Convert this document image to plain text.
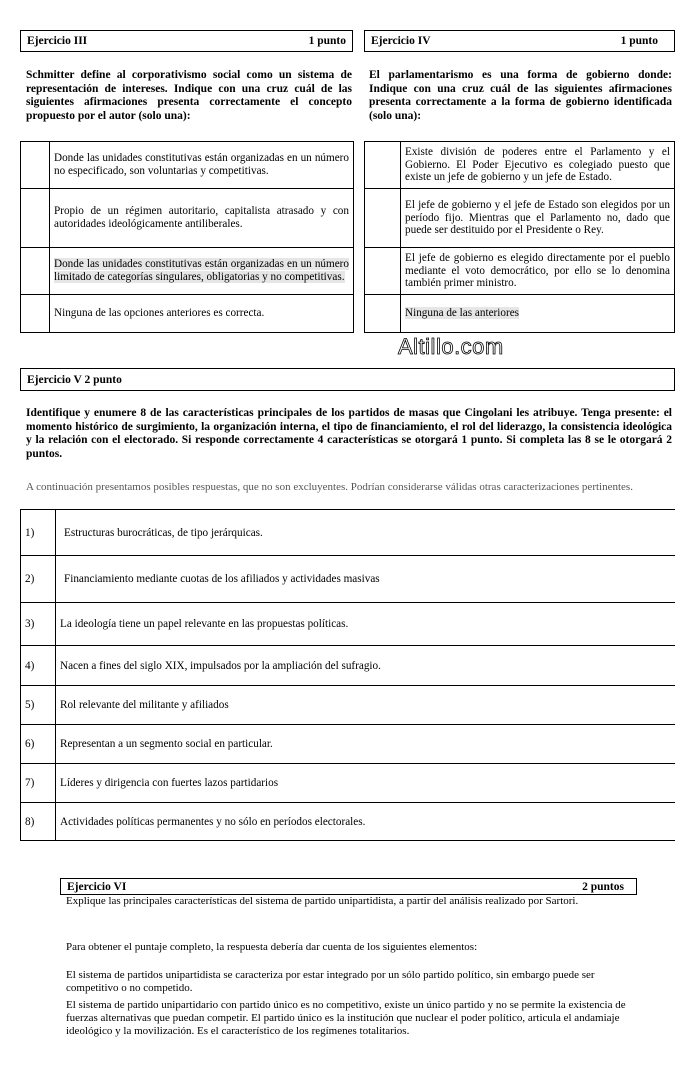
Ejercicio III	1 punto
Schmitter define al corporativismo social como un sistema de representación de intereses. Indique con una cruz cuál de las siguientes afirmaciones presenta correctamente el concepto propuesto por el autor (solo una):
	Donde las unidades constitutivas están organizadas en un número no especificado, son voluntarias y competitivas.
	Propio de un régimen autoritario, capitalista atrasado y con autoridades ideológicamente antiliberales.
	Donde las unidades constitutivas están organizadas en un número limitado de categorías singulares, obligatorias y no competitivas.
	Ninguna de las opciones anteriores es correcta.
Ejercicio IV	1 punto
El parlamentarismo es una forma de gobierno donde: Indique con una cruz cuál de las siguientes afirmaciones presenta correctamente a la forma de gobierno identificada (solo una):
	Existe división de poderes entre el Parlamento y el Gobierno. El Poder Ejecutivo es colegiado puesto que existe un jefe de gobierno y un jefe de Estado.
	El jefe de gobierno y el jefe de Estado son elegidos por un período fijo. Mientras que el Parlamento no, dado que puede ser destituido por el Presidente o Rey.
	El jefe de gobierno es elegido directamente por el pueblo mediante el voto democrático, por ello se lo denomina también primer ministro.
	Ninguna de las anteriores
Altillo.com
Ejercicio V 2 punto
Identifique y enumere 8 de las características principales de los partidos de masas que Cingolani les atribuye. Tenga presente: el momento histórico de surgimiento, la organización interna, el tipo de financiamiento, el rol del liderazgo, la consistencia ideológica y la relación con el electorado. Si responde correctamente 4 características se otorgará 1 punto. Si completa las 8 se le otorgará 2 puntos.
A continuación presentamos posibles respuestas, que no son excluyentes. Podrían considerarse válidas otras caracterizaciones pertinentes.
1)	Estructuras burocráticas, de tipo jerárquicas.
2)	Financiamiento mediante cuotas de los afiliados y actividades masivas
3)	La ideología tiene un papel relevante en las propuestas políticas.
4)	Nacen a fines del siglo XIX, impulsados por la ampliación del sufragio.
5)	Rol relevante del militante y afiliados
6)	Representan a un segmento social en particular.
7)	Líderes y dirigencia con fuertes lazos partidarios
8)	Actividades políticas permanentes y no sólo en períodos electorales.
Ejercicio VI	2 puntos
Explique las principales características del sistema de partido unipartidista, a partir del análisis realizado por Sartori.
Para obtener el puntaje completo, la respuesta debería dar cuenta de los siguientes elementos:
El sistema de partidos unipartidista se caracteriza por estar integrado por un sólo partido político, sin embargo puede ser competitivo o no competido.
El sistema de partido unipartidario con partido único es no competitivo, existe un único partido y no se permite la existencia de fuerzas alternativas que puedan competir. El partido único es la institución que nuclear el poder político, articula el andamiaje ideológico y la movilización. Es el característico de los regímenes totalitarios.
